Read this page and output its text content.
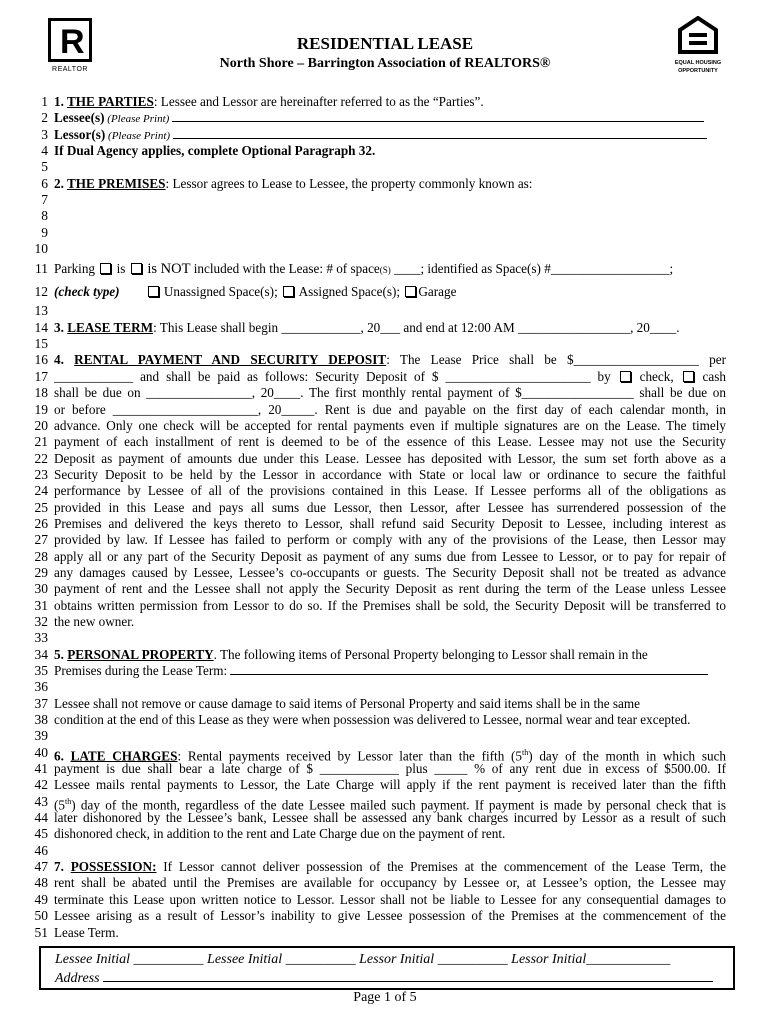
R
REALTOR
RESIDENTIAL LEASE
North Shore – Barrington Association of REALTORS®	EQUAL HOUSING
OPPORTUNITY
1 1. THE PARTIES: Lessee and Lessor are hereinafter referred to as the “Parties”.
2 Lessee(s) (Please Print)
3 Lessor(s) (Please Print)
4 If Dual Agency applies, complete Optional Paragraph 32.
5
6 2. THE PREMISES: Lessor agrees to Lease to Lessee, the property commonly known as:
7
8
9
10
11 Parking  is  is NOT included with the Lease: # of space(S) ____; identified as Space(s) #__________________;
12 (check type)	Unassigned Space(s);  Assigned Space(s); Garage
13
14 3. LEASE TERM: This Lease shall begin ____________, 20___ and end at 12:00 AM _________________, 20____.
15
16 4. RENTAL PAYMENT AND SECURITY DEPOSIT: The Lease Price shall be $___________________ per
17 ____________ and shall be paid as follows: Security Deposit of $ ______________________ by  check,  cash
18 shall be due on ________________, 20____. The first monthly rental payment of $_________________ shall be due on
19 or before ______________________, 20_____. Rent is due and payable on the first day of each calendar month, in
20 advance. Only one check will be accepted for rental payments even if multiple signatures are on the Lease. The timely
21 payment of each installment of rent is deemed to be of the essence of this Lease. Lessee may not use the Security
22 Deposit as payment of amounts due under this Lease. Lessee has deposited with Lessor, the sum set forth above as a
23 Security Deposit to be held by the Lessor in accordance with State or local law or ordinance to secure the faithful
24 performance by Lessee of all of the provisions contained in this Lease. If Lessee performs all of the obligations as
25 provided in this Lease and pays all sums due Lessor, then Lessor, after Lessee has surrendered possession of the
26 Premises and delivered the keys thereto to Lessor, shall refund said Security Deposit to Lessee, including interest as
27 provided by law. If Lessee has failed to perform or comply with any of the provisions of the Lease, then Lessor may
28 apply all or any part of the Security Deposit as payment of any sums due from Lessee to Lessor, or to pay for repair of
29 any damages caused by Lessee, Lessee’s co-occupants or guests. The Security Deposit shall not be treated as advance
30 payment of rent and the Lessee shall not apply the Security Deposit as rent during the term of the Lease unless Lessee
31 obtains written permission from Lessor to do so. If the Premises shall be sold, the Security Deposit will be transferred to
32 the new owner.
33
34 5. PERSONAL PROPERTY. The following items of Personal Property belonging to Lessor shall remain in the
35 Premises during the Lease Term:
36
37 Lessee shall not remove or cause damage to said items of Personal Property and said items shall be in the same
38 condition at the end of this Lease as they were when possession was delivered to Lessee, normal wear and tear excepted.
39
40 6. LATE CHARGES: Rental payments received by Lessor later than the fifth (5th) day of the month in which such
41 payment is due shall bear a late charge of $ ____________ plus _____ % of any rent due in excess of $500.00. If
42 Lessee mails rental payments to Lessor, the Late Charge will apply if the rent payment is received later than the fifth
43 (5th) day of the month, regardless of the date Lessee mailed such payment. If payment is made by personal check that is
44 later dishonored by the Lessee’s bank, Lessee shall be assessed any bank charges incurred by Lessor as a result of such
45 dishonored check, in addition to the rent and Late Charge due on the payment of rent.
46
47 7. POSSESSION: If Lessor cannot deliver possession of the Premises at the commencement of the Lease Term, the
48 rent shall be abated until the Premises are available for occupancy by Lessee or, at Lessee’s option, the Lessee may
49 terminate this Lease upon written notice to Lessor. Lessor shall not be liable to Lessee for any consequential damages to
50 Lessee arising as a result of Lessor’s inability to give Lessee possession of the Premises at the commencement of the
51 Lease Term.
Lessee Initial __________ Lessee Initial __________ Lessor Initial __________ Lessor Initial____________
Address
Page 1 of 5
